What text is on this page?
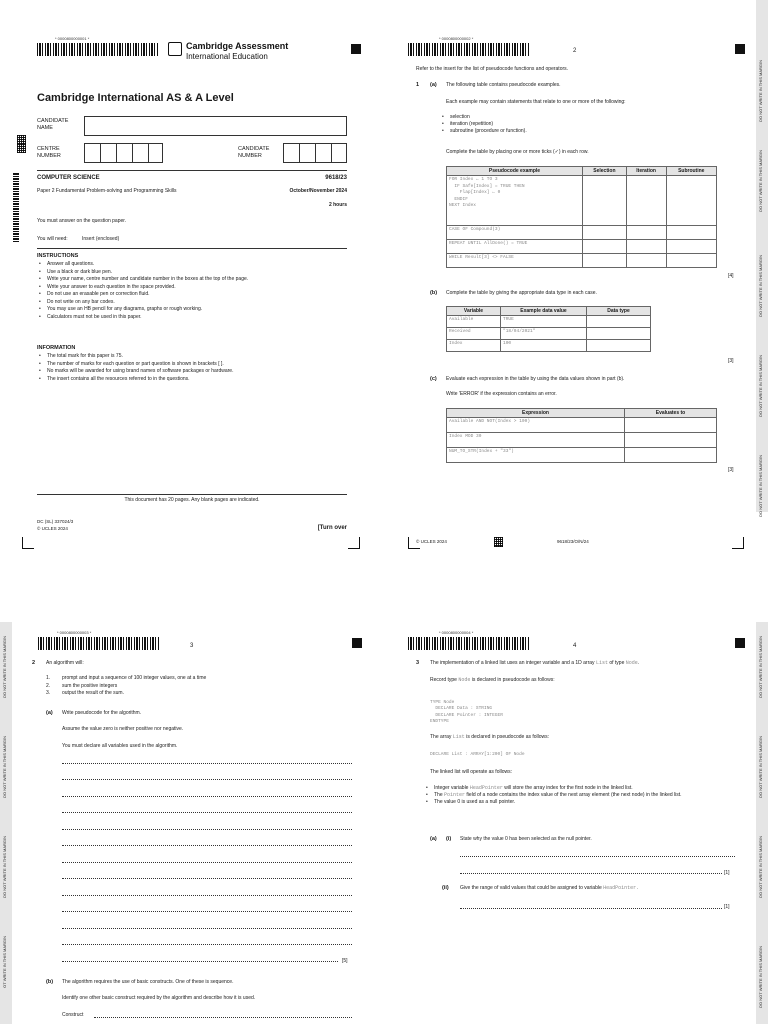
* 0000800000001 *
Cambridge Assessment
International Education
Cambridge International AS & A Level
CANDIDATE NAME
CENTRE NUMBER
CANDIDATE NUMBER
COMPUTER SCIENCE	9618/23
Paper 2 Fundamental Problem-solving and Programming Skills	October/November 2024
2 hours
You must answer on the question paper.
You will need:	Insert (enclosed)
INSTRUCTIONS
• Answer all questions.
• Use a black or dark blue pen.
• Write your name, centre number and candidate number in the boxes at the top of the page.
• Write your answer to each question in the space provided.
• Do not use an erasable pen or correction fluid.
• Do not write on any bar codes.
• You may use an HB pencil for any diagrams, graphs or rough working.
• Calculators must not be used in this paper.
INFORMATION
• The total mark for this paper is 75.
• The number of marks for each question or part question is shown in brackets [ ].
• No marks will be awarded for using brand names of software packages or hardware.
• The insert contains all the resources referred to in the questions.
This document has 20 pages. Any blank pages are indicated.
DC (SL) 337024/3
© UCLES 2024	[Turn over
* 0000800000002 *
2
DO NOT WRITE IN THIS MARGIN
DO NOT WRITE IN THIS MARGIN
DO NOT WRITE IN THIS MARGIN
DO NOT WRITE IN THIS MARGIN
DO NOT WRITE IN THIS MARGIN
Refer to the insert for the list of pseudocode functions and operators.
1 (a) The following table contains pseudocode examples.
Each example may contain statements that relate to one or more of the following:
• selection
• iteration (repetition)
• subroutine (procedure or function).
Complete the table by placing one or more ticks (✓) in each row.
Pseudocode example	Selection	Iteration	Subroutine

FOR Index ← 1 TO 3
IF Safe[Index] = TRUE THEN
Flap[Index] ← 0
ENDIF
NEXT Index			

CASE OF Compound(3)			
REPEAT UNTIL AllDone() = TRUE			
WHILE Result[3] <> FALSE			
[4]
(b) Complete the table by giving the appropriate data type in each case.
Variable	Example data value	Data type
Available	TRUE	
Received	"18/04/2021"	
Index	100	
[3]
(c) Evaluate each expression in the table by using the data values shown in part (b).
Write 'ERROR' if the expression contains an error.
Expression	Evaluates to
Available AND NOT(Index > 100)	
Index MOD 30	
NUM_TO_STR(Index + "33")	
[3]
© UCLES 2024	9618/23/O/N/24
DO NOT WRITE IN THIS MARGIN
DO NOT WRITE IN THIS MARGIN
DO NOT WRITE IN THIS MARGIN
OT WRITE IN THIS MARGIN
* 0000800000003 *
3
2 An algorithm will:
1.
2.
3.
prompt and input a sequence of 100 integer values, one at a time
sum the positive integers
output the result of the sum.
(a) Write pseudocode for the algorithm.
Assume the value zero is neither positive nor negative.
You must declare all variables used in the algorithm.
[5]
(b) The algorithm requires the use of basic constructs. One of these is sequence.
Identify one other basic construct required by the algorithm and describe how it is used.
Construct
DO NOT WRITE IN THIS MARGIN
DO NOT WRITE IN THIS MARGIN
DO NOT WRITE IN THIS MARGIN
DO NOT WRITE IN THIS MARGIN
* 0000800000004 *
4
3 The implementation of a linked list uses an integer variable and a 1D array List of type Node.
Record type Node is declared in pseudocode as follows:

TYPE Node
DECLARE Data : STRING
DECLARE Pointer : INTEGER
ENDTYPE
The array List is declared in pseudocode as follows:
DECLARE List : ARRAY[1:200] OF Node
The linked list will operate as follows:
• Integer variable HeadPointer will store the array index for the first node in the linked list.
• The Pointer field of a node contains the index value of the next array element (the next node) in the linked list.
• The value 0 is used as a null pointer.
(a) (i) State why the value 0 has been selected as the null pointer.
[1]
(ii) Give the range of valid values that could be assigned to variable HeadPointer.
[1]
